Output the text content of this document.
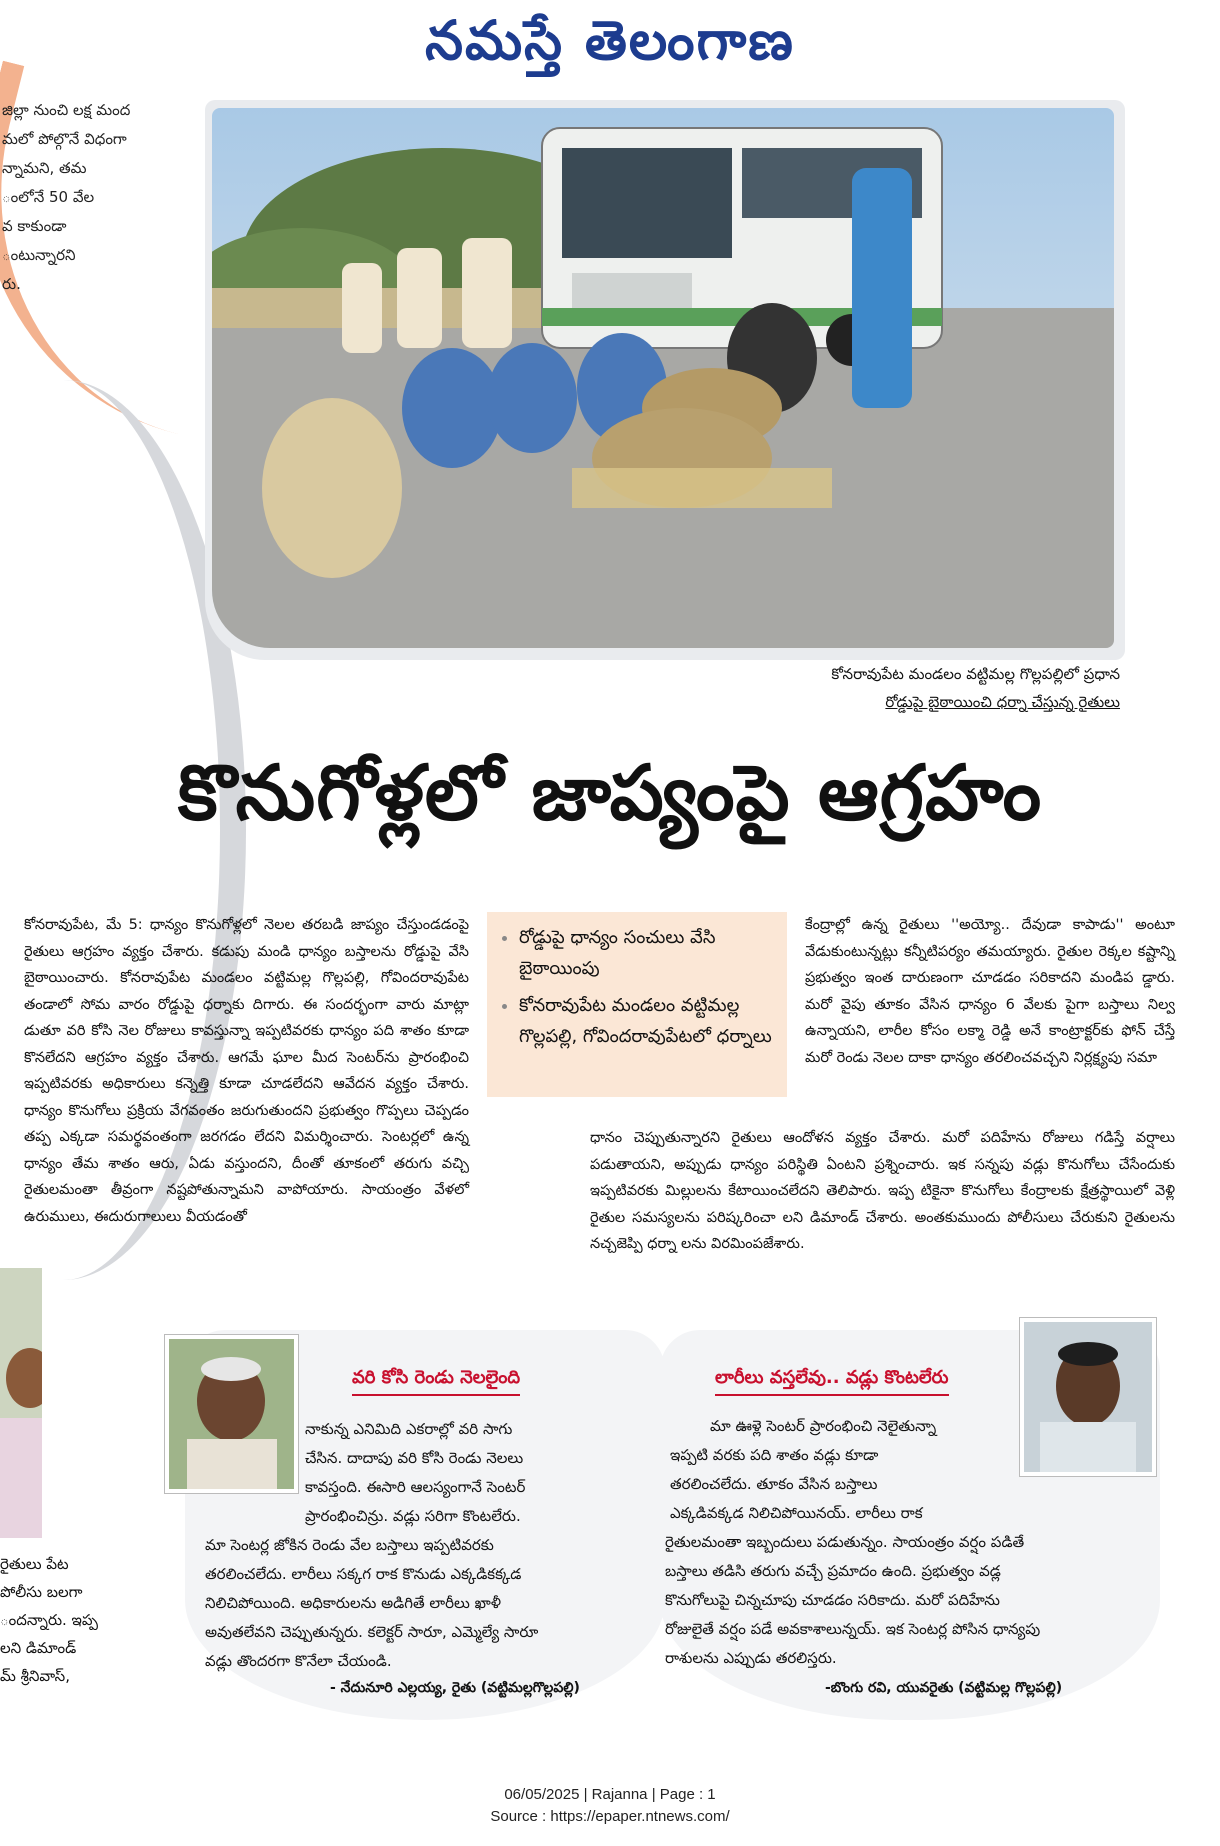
నమస్తే తెలంగాణ
జిల్లా నుంచి లక్ష మంద
మలో పోల్గొనే విధంగా
న్నామని, తమ
ంలోనే 50 వేల
వ కాకుండా
ంటున్నారని
రు.
కోనరావుపేట మండలం వట్టిమల్ల గొల్లపల్లిలో ప్రధాన
రోడ్డుపై బైఠాయించి ధర్నా చేస్తున్న రైతులు
కొనుగోళ్లలో జాప్యంపై ఆగ్రహం

కోనరావుపేట, మే 5: ధాన్యం కొనుగోళ్లలో నెలల తరబడి జాప్యం చేస్తుండడంపై రైతులు ఆగ్రహం వ్యక్తం చేశారు. కడుపు మండి ధాన్యం బస్తాలను రోడ్డుపై వేసి బైఠాయించారు. కోనరావుపేట మండలం వట్టిమల్ల గొల్లపల్లి, గోవిందరావుపేట తండాలో సోమ వారం రోడ్డుపై ధర్నాకు దిగారు. ఈ సందర్భంగా వారు మాట్లా డుతూ వరి కోసి నెల రోజులు కావస్తున్నా ఇప్పటివరకు ధాన్యం పది శాతం కూడా కొనలేదని ఆగ్రహం వ్యక్తం చేశారు. ఆగమే ఘాల మీద సెంటర్‌ను ప్రారంభించి ఇప్పటివరకు అధికారులు కన్నెత్తి కూడా చూడలేదని ఆవేదన వ్యక్తం చేశారు. ధాన్యం కొనుగోలు ప్రక్రియ వేగవంతం జరుగుతుందని ప్రభుత్వం గొప్పలు చెప్పడం తప్ప ఎక్కడా సమర్థవంతంగా జరగడం లేదని విమర్శించారు. సెంటర్లలో ఉన్న ధాన్యం తేమ శాతం ఆరు, ఏడు వస్తుందని, దీంతో తూకంలో తరుగు వచ్చి రైతులమంతా తీవ్రంగా నష్టపోతున్నామని వాపోయారు. సాయంత్రం వేళలో ఉరుములు, ఈదురుగాలులు వీయడంతో

• రోడ్డుపై ధాన్యం సంచులు వేసి బైఠాయింపు
• కోనరావుపేట మండలం వట్టిమల్ల గొల్లపల్లి, గోవిందరావుపేటలో ధర్నాలు

కేంద్రాల్లో ఉన్న రైతులు ''అయ్యో.. దేవుడా కాపాడు'' అంటూ వేడుకుంటున్నట్లు కన్నీటిపర్యం తమయ్యారు. రైతుల రెక్కల కష్టాన్ని ప్రభుత్వం ఇంత దారుణంగా చూడడం సరికాదని మండిప డ్డారు. మరో వైపు తూకం వేసిన ధాన్యం 6 వేలకు పైగా బస్తాలు నిల్వ ఉన్నాయని, లారీల కోసం లక్మా రెడ్డి అనే కాంట్రాక్టర్‌కు ఫోన్ చేస్తే మరో రెండు నెలల దాకా ధాన్యం తరలించవచ్చని నిర్లక్ష్యపు సమా

ధానం చెప్పుతున్నారని రైతులు ఆందోళన వ్యక్తం చేశారు. మరో పదిహేను రోజులు గడిస్తే వర్షాలు పడుతాయని, అప్పుడు ధాన్యం పరిస్థితి ఏంటని ప్రశ్నించారు. ఇక సన్నపు వడ్లు కొనుగోలు చేసేందుకు ఇప్పటివరకు మిల్లులను కేటాయించలేదని తెలిపారు. ఇప్ప టికైనా కొనుగోలు కేంద్రాలకు క్షేత్రస్థాయిలో వెళ్లి రైతుల సమస్యలను పరిష్కరించా లని డిమాండ్ చేశారు. అంతకుముందు పోలీసులు చేరుకుని రైతులను నచ్చజెప్పి ధర్నా లను విరమింపజేశారు.

రైతులు పేట
పోలీసు బలగా
ందన్నారు. ఇప్ప
లని డిమాండ్
మ్ శ్రీనివాస్,
వరి కోసి రెండు నెలలైంది

నాకున్న ఎనిమిది ఎకరాల్లో వరి సాగు

చేసిన. దాదాపు వరి కోసి రెండు నెలలు

కావస్తంది. ఈసారి ఆలస్యంగానే సెంటర్

ప్రారంభించిన్రు. వడ్లు సరిగా కొంటలేరు.

మా సెంటర్ల జోకిన రెండు వేల బస్తాలు ఇప్పటివరకు

తరలించలేదు. లారీలు సక్కగ రాక కొనుడు ఎక్కడికక్కడ

నిలిచిపోయింది. అధికారులను అడిగితే లారీలు ఖాళీ

అవుతలేవని చెప్పుతున్నరు. కలెక్టర్ సారూ, ఎమ్మెల్యే సారూ

వడ్లు తొందరగా కొనేలా చేయండి.

- నేదునూరి ఎల్లయ్య, రైతు (వట్టిమల్లగొల్లపల్లి)
లారీలు వస్తలేవు.. వడ్లు కొంటలేరు

మా ఊళ్లె సెంటర్ ప్రారంభించి నెలైతున్నా

ఇప్పటి వరకు పది శాతం వడ్లు కూడా

తరలించలేదు. తూకం వేసిన బస్తాలు

ఎక్కడివక్కడ నిలిచిపోయినయ్. లారీలు రాక

రైతులమంతా ఇబ్బందులు పడుతున్నం. సాయంత్రం వర్షం పడితే

బస్తాలు తడిసి తరుగు వచ్చే ప్రమాదం ఉంది. ప్రభుత్వం వడ్ల

కొనుగోలుపై చిన్నచూపు చూడడం సరికాదు. మరో పదిహేను

రోజులైతే వర్షం పడే అవకాశాలున్నయ్. ఇక సెంటర్ల పోసిన ధాన్యపు

రాశులను ఎప్పుడు తరలిస్తరు.

-బొంగు రవి, యువరైతు (వట్టిమల్ల గొల్లపల్లి)
06/05/2025 | Rajanna | Page : 1
Source : https://epaper.ntnews.com/
